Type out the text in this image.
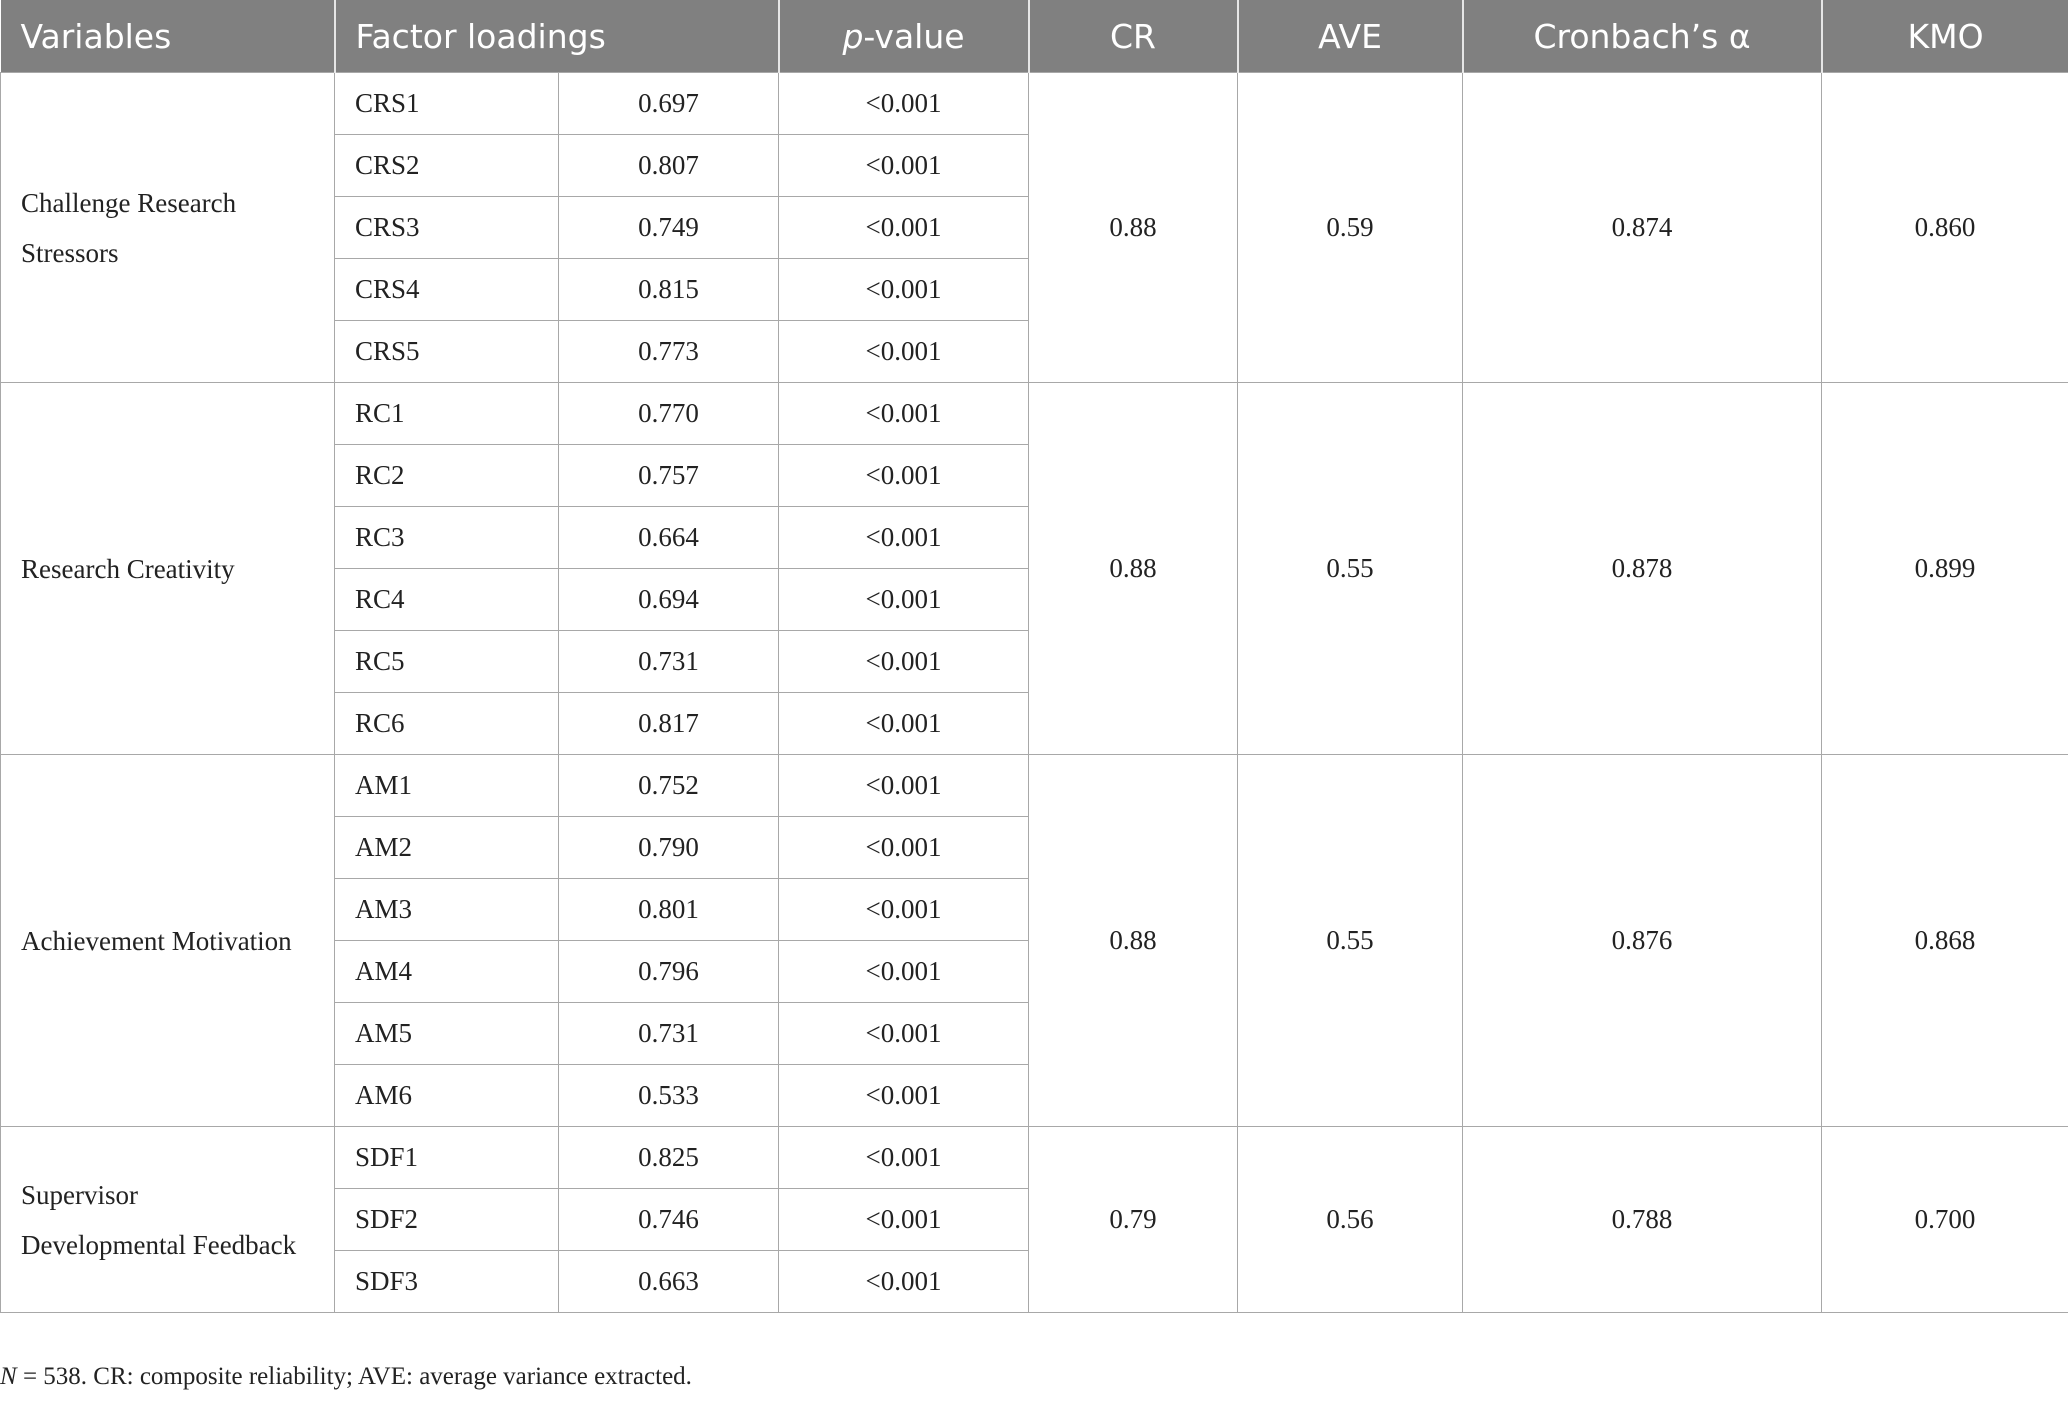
Variables	Factor loadings		p-value	CR	AVE	Cronbach’s α	KMO
Challenge Research
Stressors	CRS1	0.697	<0.001	0.88	0.59	0.874	0.860
	CRS2	0.807	<0.001				
	CRS3	0.749	<0.001				
	CRS4	0.815	<0.001				
	CRS5	0.773	<0.001				
Research Creativity	RC1	0.770	<0.001	0.88	0.55	0.878	0.899
	RC2	0.757	<0.001				
	RC3	0.664	<0.001				
	RC4	0.694	<0.001				
	RC5	0.731	<0.001				
	RC6	0.817	<0.001				
Achievement Motivation	AM1	0.752	<0.001	0.88	0.55	0.876	0.868
	AM2	0.790	<0.001				
	AM3	0.801	<0.001				
	AM4	0.796	<0.001				
	AM5	0.731	<0.001				
	AM6	0.533	<0.001				
Supervisor
Developmental Feedback	SDF1	0.825	<0.001	0.79	0.56	0.788	0.700
	SDF2	0.746	<0.001				
	SDF3	0.663	<0.001				
N = 538. CR: composite reliability; AVE: average variance extracted.
